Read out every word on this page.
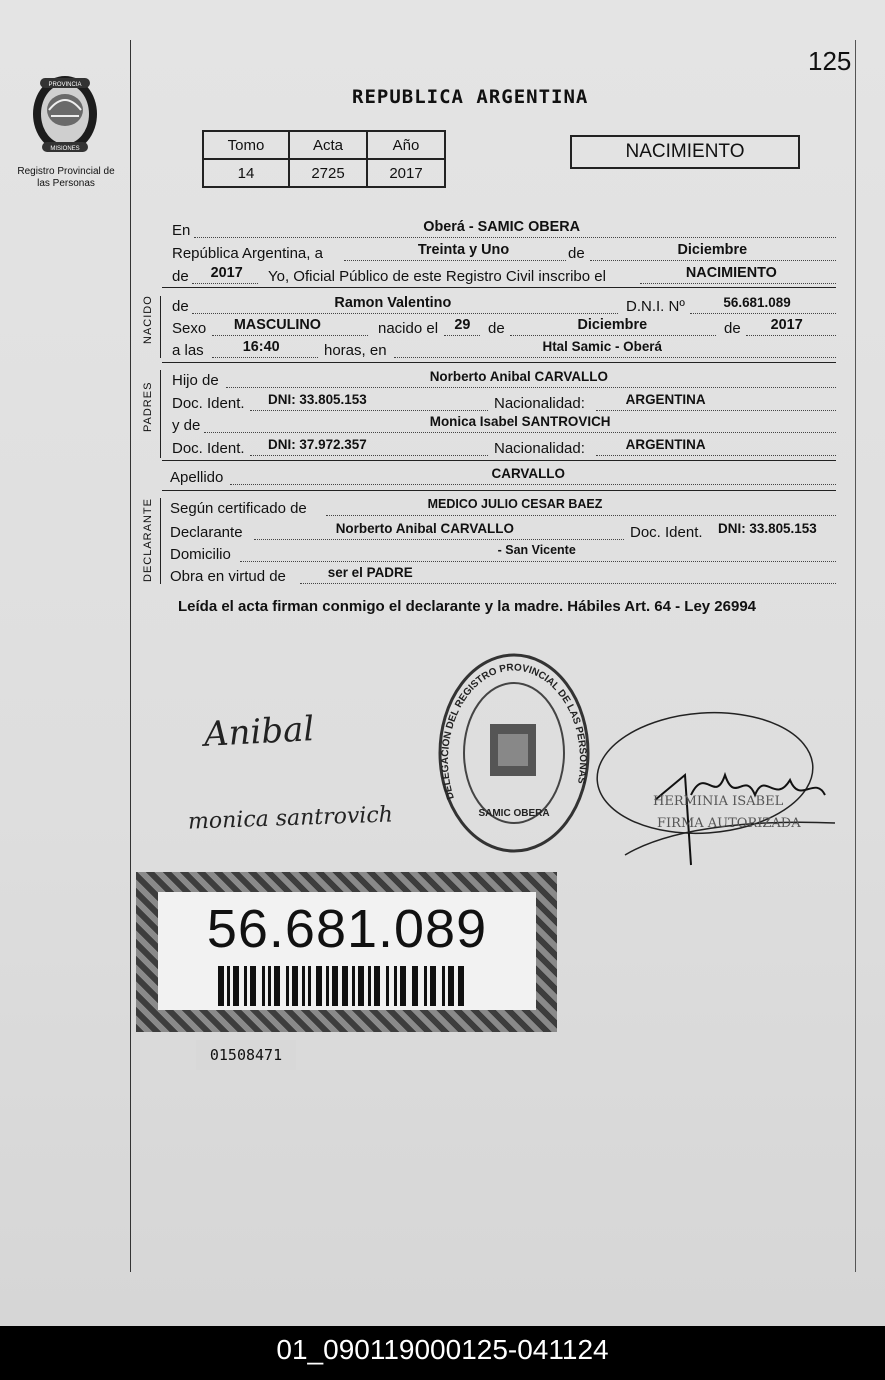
125
PROVINCIA
MISIONES
Registro Provincial de las Personas
REPUBLICA ARGENTINA
Tomo	Acta	Año
14	2725	2017
NACIMIENTO
En	Oberá - SAMIC OBERA
República Argentina, a	Treinta y Uno	de	Diciembre
de 2017 Yo, Oficial Público de este Registro Civil inscribo el	NACIMIENTO
NACIDO de	Ramon Valentino	D.N.I. Nº	56.681.089
Sexo MASCULINO	nacido el 29 de	Diciembre	de 2017
a las	16:40	horas, en	Htal Samic - Oberá
PADRES
Hijo de	Norberto Anibal CARVALLO
Doc. Ident. DNI: 33.805.153	Nacionalidad:	ARGENTINA
y de	Monica Isabel SANTROVICH
Doc. Ident. DNI: 37.972.357	Nacionalidad:	ARGENTINA
Apellido	CARVALLO
DECLARANTE Según certificado de	MEDICO JULIO CESAR BAEZ
Declarante	Norberto Anibal CARVALLO	Doc. Ident. DNI: 33.805.153
Domicilio	- San Vicente
Obra en virtud de	ser el PADRE
Leída el acta firman conmigo el declarante y la madre. Hábiles Art. 64 - Ley 26994
Anibal
monica santrovich
DELEGACION DEL REGISTRO PROVINCIAL DE LAS PERSONAS
SAMIC OBERA
HERMINIA ISABEL
FIRMA AUTORIZADA
56.681.089
01508471
01_090119000125-041124
